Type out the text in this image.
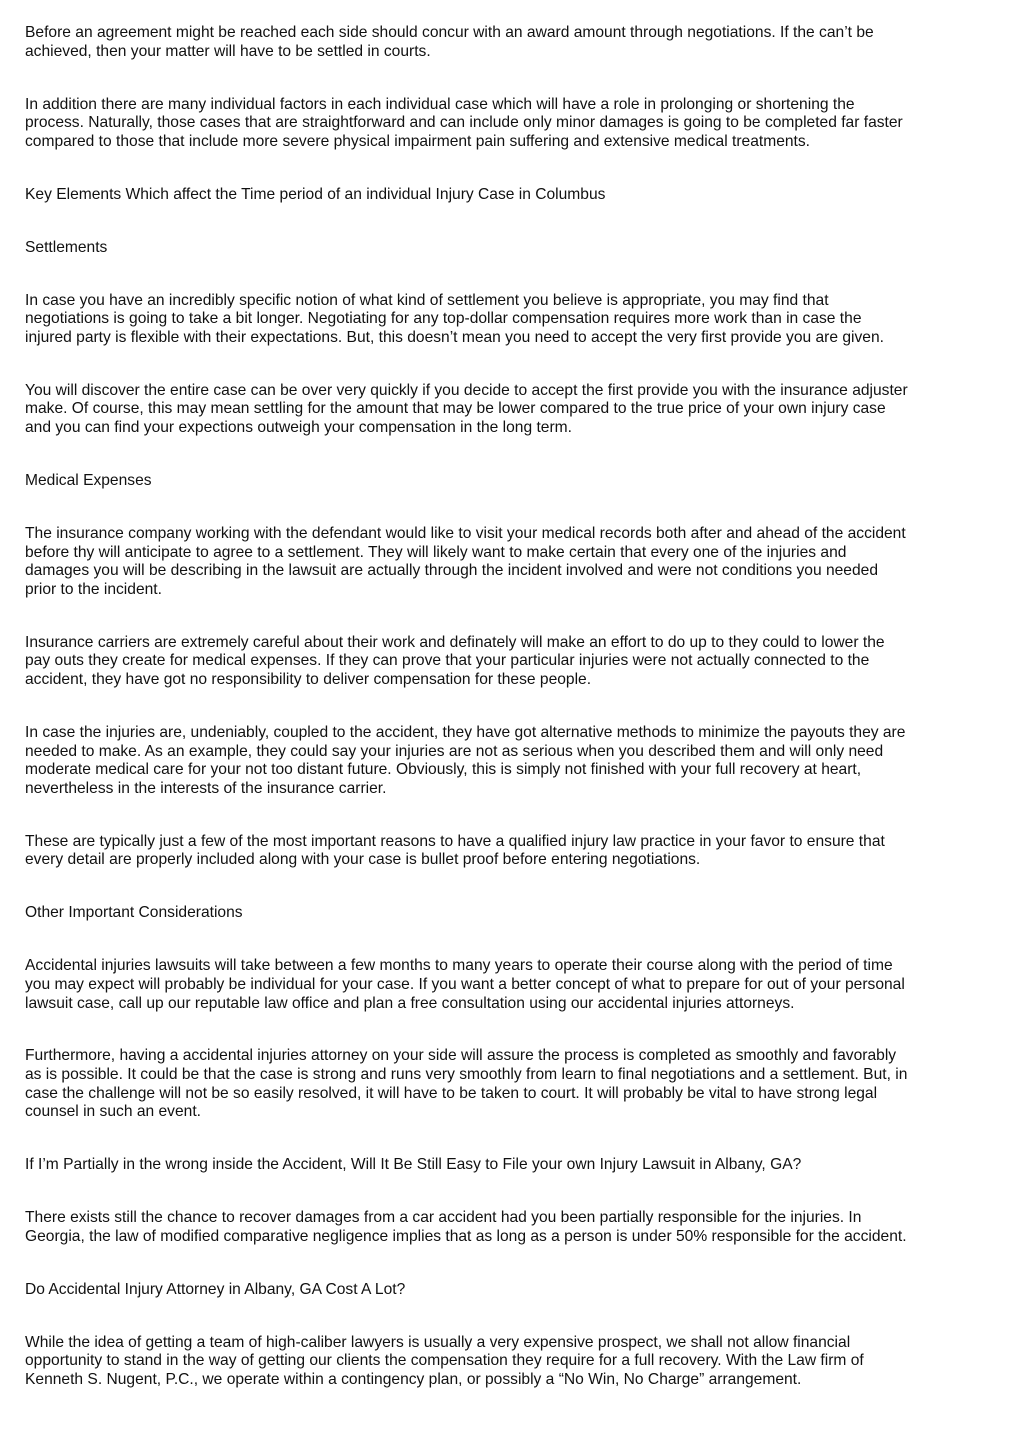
Before an agreement might be reached each side should concur with an award amount through negotiations. If the can’t be
achieved, then your matter will have to be settled in courts.
In addition there are many individual factors in each individual case which will have a role in prolonging or shortening the
process. Naturally, those cases that are straightforward and can include only minor damages is going to be completed far faster
compared to those that include more severe physical impairment pain suffering and extensive medical treatments.
Key Elements Which affect the Time period of an individual Injury Case in Columbus
Settlements
In case you have an incredibly specific notion of what kind of settlement you believe is appropriate, you may find that
negotiations is going to take a bit longer. Negotiating for any top-dollar compensation requires more work than in case the
injured party is flexible with their expectations. But, this doesn’t mean you need to accept the very first provide you are given.
You will discover the entire case can be over very quickly if you decide to accept the first provide you with the insurance adjuster
make. Of course, this may mean settling for the amount that may be lower compared to the true price of your own injury case
and you can find your expections outweigh your compensation in the long term.
Medical Expenses
The insurance company working with the defendant would like to visit your medical records both after and ahead of the accident
before thy will anticipate to agree to a settlement. They will likely want to make certain that every one of the injuries and
damages you will be describing in the lawsuit are actually through the incident involved and were not conditions you needed
prior to the incident.
Insurance carriers are extremely careful about their work and definately will make an effort to do up to they could to lower the
pay outs they create for medical expenses. If they can prove that your particular injuries were not actually connected to the
accident, they have got no responsibility to deliver compensation for these people.
In case the injuries are, undeniably, coupled to the accident, they have got alternative methods to minimize the payouts they are
needed to make. As an example, they could say your injuries are not as serious when you described them and will only need
moderate medical care for your not too distant future. Obviously, this is simply not finished with your full recovery at heart,
nevertheless in the interests of the insurance carrier.
These are typically just a few of the most important reasons to have a qualified injury law practice in your favor to ensure that
every detail are properly included along with your case is bullet proof before entering negotiations.
Other Important Considerations
Accidental injuries lawsuits will take between a few months to many years to operate their course along with the period of time
you may expect will probably be individual for your case. If you want a better concept of what to prepare for out of your personal
lawsuit case, call up our reputable law office and plan a free consultation using our accidental injuries attorneys.
Furthermore, having a accidental injuries attorney on your side will assure the process is completed as smoothly and favorably
as is possible. It could be that the case is strong and runs very smoothly from learn to final negotiations and a settlement. But, in
case the challenge will not be so easily resolved, it will have to be taken to court. It will probably be vital to have strong legal
counsel in such an event.
If I’m Partially in the wrong inside the Accident, Will It Be Still Easy to File your own Injury Lawsuit in Albany, GA?
There exists still the chance to recover damages from a car accident had you been partially responsible for the injuries. In
Georgia, the law of modified comparative negligence implies that as long as a person is under 50% responsible for the accident.
Do Accidental Injury Attorney in Albany, GA Cost A Lot?
While the idea of getting a team of high-caliber lawyers is usually a very expensive prospect, we shall not allow financial
opportunity to stand in the way of getting our clients the compensation they require for a full recovery. With the Law firm of
Kenneth S. Nugent, P.C., we operate within a contingency plan, or possibly a “No Win, No Charge” arrangement.
